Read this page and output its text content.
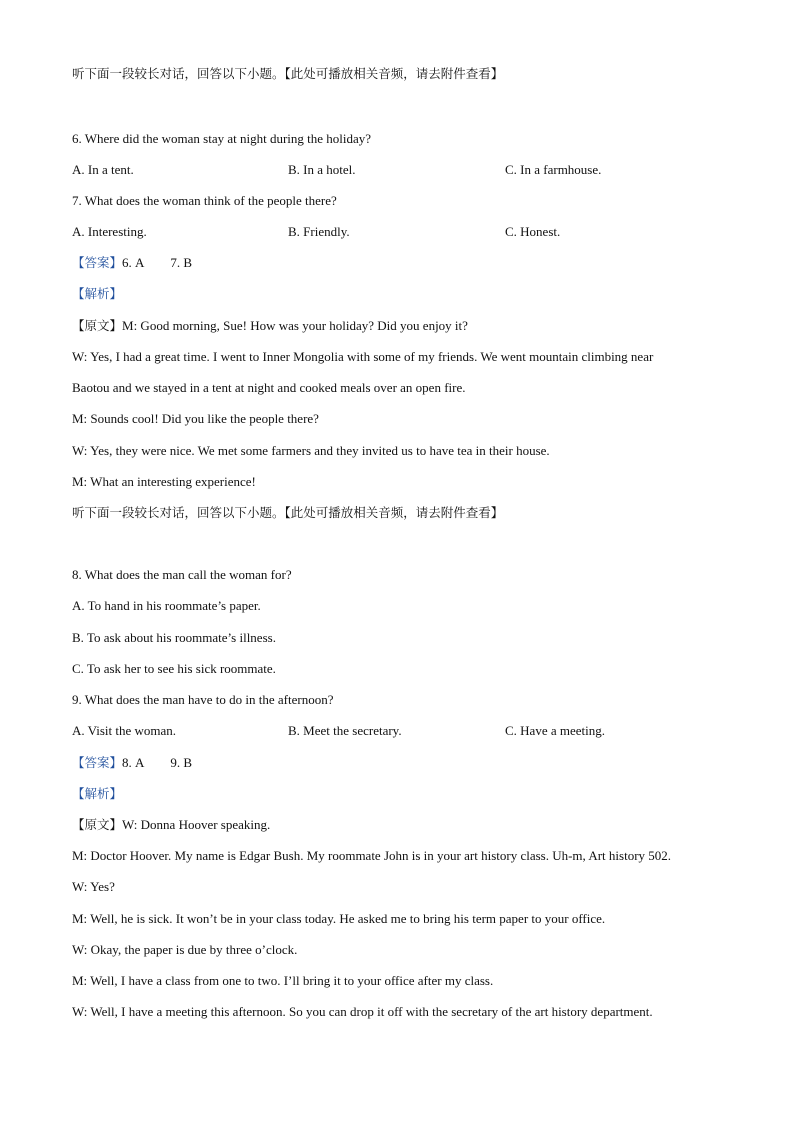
听下面一段较长对话，回答以下小题。【此处可播放相关音频，请去附件查看】
6. Where did the woman stay at night during the holiday?
A. In a tent.	B. In a hotel.	C. In a farmhouse.
7. What does the woman think of the people there?
A. Interesting.	B. Friendly.	C. Honest.
【答案】6. A 7. B
【解析】
【原文】M: Good morning, Sue! How was your holiday? Did you enjoy it?
W: Yes, I had a great time. I went to Inner Mongolia with some of my friends. We went mountain climbing near
Baotou and we stayed in a tent at night and cooked meals over an open fire.
M: Sounds cool! Did you like the people there?
W: Yes, they were nice. We met some farmers and they invited us to have tea in their house.
M: What an interesting experience!
听下面一段较长对话，回答以下小题。【此处可播放相关音频，请去附件查看】
8. What does the man call the woman for?
A. To hand in his roommate’s paper.
B. To ask about his roommate’s illness.
C. To ask her to see his sick roommate.
9. What does the man have to do in the afternoon?
A. Visit the woman.	B. Meet the secretary.	C. Have a meeting.
【答案】8. A 9. B
【解析】
【原文】W: Donna Hoover speaking.
M: Doctor Hoover. My name is Edgar Bush. My roommate John is in your art history class. Uh-m, Art history 502.
W: Yes?
M: Well, he is sick. It won’t be in your class today. He asked me to bring his term paper to your office.
W: Okay, the paper is due by three o’clock.
M: Well, I have a class from one to two. I’ll bring it to your office after my class.
W: Well, I have a meeting this afternoon. So you can drop it off with the secretary of the art history department.
